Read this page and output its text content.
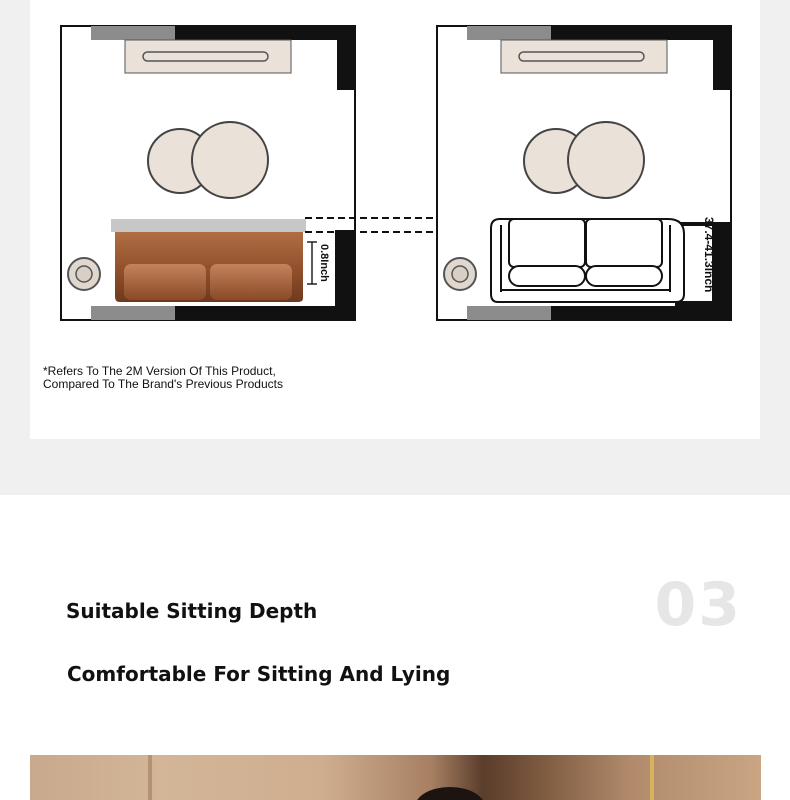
0.8Inch	37.4-41.3Inch
*Refers To The 2M Version Of This Product,
Compared To The Brand's Previous Products
03
Suitable Sitting Depth
Comfortable For Sitting And Lying
